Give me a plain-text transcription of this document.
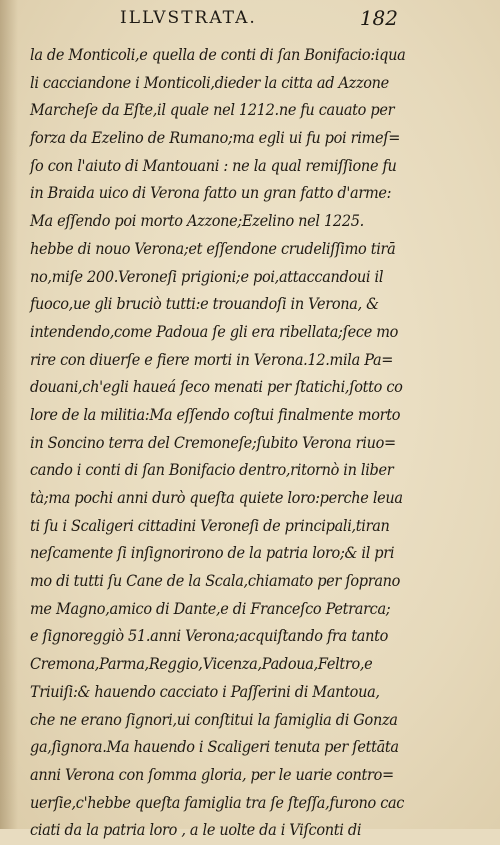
ILLVSTRATA.	182
la de Monticoli,e quella de conti di ſan Bonifacio:iqua
li cacciandone i Monticoli,dieder la citta ad Azzone
Marcheſe da Eſte,il quale nel 1212.ne fu cauato per
forza da Ezelino de Rumano;ma egli ui fu poi rimeſ=
ſo con l'aiuto di Mantouani : ne la qual remiſſione fu
in Braida uico di Verona fatto un gran fatto d'arme:
Ma eſſendo poi morto Azzone;Ezelino nel 1225.
hebbe di nouo Verona;et eſſendone crudeliſſimo tirā
no,miſe 200.Veroneſi prigioni;e poi,attaccandoui il
fuoco,ue gli bruciò tutti:e trouandoſi in Verona, &
intendendo,come Padoua ſe gli era ribellata;ſece mo
rire con diuerſe e fiere morti in Verona.12.mila Pa=
douani,ch'egli haueá ſeco menati per ſtatichi,ſotto co
lore de la militia:Ma eſſendo coſtui finalmente morto
in Soncino terra del Cremoneſe;ſubito Verona riuo=
cando i conti di ſan Bonifacio dentro,ritornò in liber
tà;ma pochi anni durò queſta quiete loro:perche leua
ti ſu i Scaligeri cittadini Veroneſi de principali,tiran
neſcamente ſi inſignorirono de la patria loro;& il pri
mo di tutti ſu Cane de la Scala,chiamato per ſoprano
me Magno,amico di Dante,e di Franceſco Petrarca;
e ſignoreggiò 51.anni Verona;acquiſtando fra tanto
Cremona,Parma,Reggio,Vicenza,Padoua,Feltro,e
Triuiſi:& hauendo cacciato i Paſſerini di Mantoua,
che ne erano ſignori,ui conſtitui la famiglia di Gonza
ga,ſignora.Ma hauendo i Scaligeri tenuta per ſettāta
anni Verona con ſomma gloria, per le uarie contro=
uerſie,c'hebbe queſta famiglia tra ſe ſteſſa,furono cac
ciati da la patria loro , a le uolte da i Viſconti di
